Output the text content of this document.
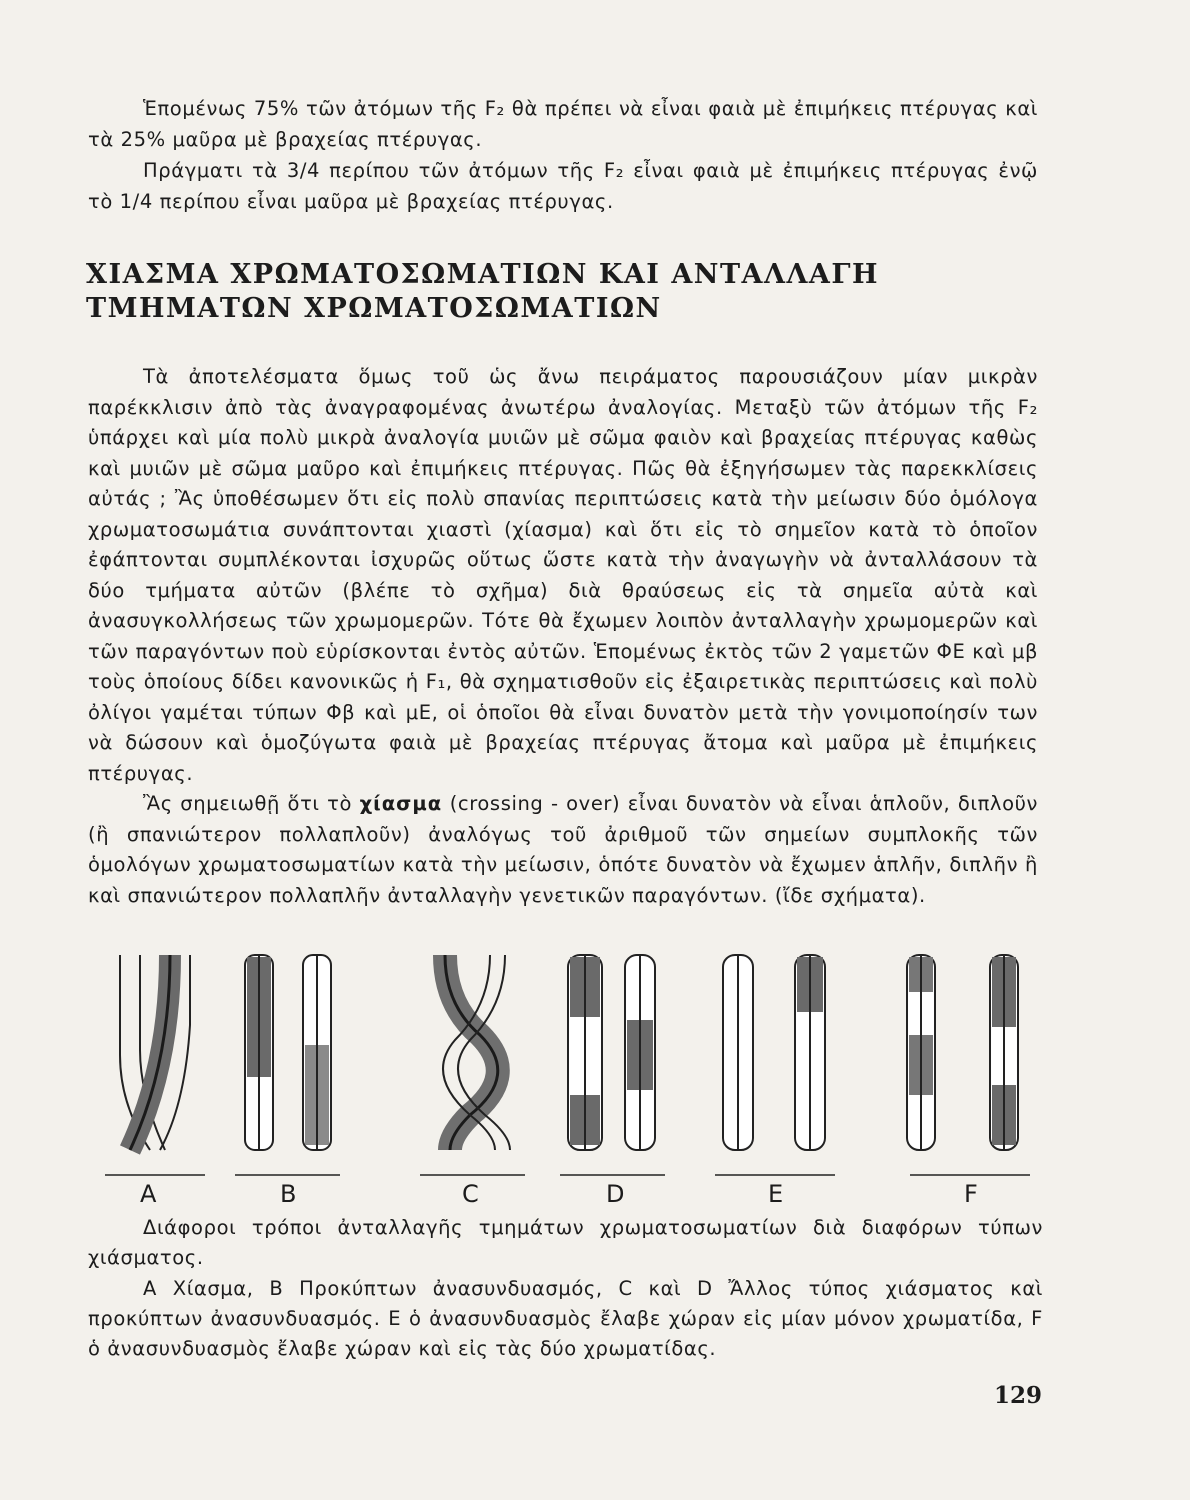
Ἑπομένως 75% τῶν ἀτόμων τῆς F₂ θὰ πρέπει νὰ εἶναι φαιὰ μὲ ἐπιμήκεις πτέρυγας καὶ τὰ 25% μαῦρα μὲ βραχείας πτέρυγας.

Πράγματι τὰ 3/4 περίπου τῶν ἀτόμων τῆς F₂ εἶναι φαιὰ μὲ ἐπιμήκεις πτέρυγας ἐνῷ τὸ 1/4 περίπου εἶναι μαῦρα μὲ βραχείας πτέρυγας.

ΧΙΑΣΜΑ ΧΡΩΜΑΤΟΣΩΜΑΤΙΩΝ ΚΑΙ ΑΝΤΑΛΛΑΓΗ
ΤΜΗΜΑΤΩΝ ΧΡΩΜΑΤΟΣΩΜΑΤΙΩΝ

Τὰ ἀποτελέσματα ὅμως τοῦ ὡς ἄνω πειράματος παρουσιάζουν μίαν μικρὰν παρέκκλισιν ἀπὸ τὰς ἀναγραφομένας ἀνωτέρω ἀναλογίας. Μεταξὺ τῶν ἀτόμων τῆς F₂ ὑπάρχει καὶ μία πολὺ μικρὰ ἀναλογία μυιῶν μὲ σῶμα φαιὸν καὶ βραχείας πτέρυγας καθὼς καὶ μυιῶν μὲ σῶμα μαῦρο καὶ ἐπιμήκεις πτέρυγας. Πῶς θὰ ἐξηγήσωμεν τὰς παρεκκλίσεις αὐτάς ; Ἂς ὑποθέσωμεν ὅτι εἰς πολὺ σπανίας περιπτώσεις κατὰ τὴν μείωσιν δύο ὁμόλογα χρωματοσωμάτια συνάπτονται χιαστὶ (χίασμα) καὶ ὅτι εἰς τὸ σημεῖον κατὰ τὸ ὁποῖον ἐφάπτονται συμπλέκονται ἰσχυρῶς οὕτως ὥστε κατὰ τὴν ἀναγωγὴν νὰ ἀνταλλάσουν τὰ δύο τμήματα αὐτῶν (βλέπε τὸ σχῆμα) διὰ θραύσεως εἰς τὰ σημεῖα αὐτὰ καὶ ἀνασυγκολλήσεως τῶν χρωμομερῶν. Τότε θὰ ἔχωμεν λοιπὸν ἀνταλλαγὴν χρωμομερῶν καὶ τῶν παραγόντων ποὺ εὑρίσκονται ἐντὸς αὐτῶν. Ἑπομένως ἐκτὸς τῶν 2 γαμετῶν ΦΕ καὶ μβ τοὺς ὁποίους δίδει κανονικῶς ἡ F₁, θὰ σχηματισθοῦν εἰς ἐξαιρετικὰς περιπτώσεις καὶ πολὺ ὀλίγοι γαμέται τύπων Φβ καὶ μΕ, οἱ ὁποῖοι θὰ εἶναι δυνατὸν μετὰ τὴν γονιμοποίησίν των νὰ δώσουν καὶ ὁμοζύγωτα φαιὰ μὲ βραχείας πτέρυγας ἄτομα καὶ μαῦρα μὲ ἐπιμήκεις πτέρυγας.

Ἂς σημειωθῇ ὅτι τὸ χίασμα (crossing - over) εἶναι δυνατὸν νὰ εἶναι ἁπλοῦν, διπλοῦν (ἢ σπανιώτερον πολλαπλοῦν) ἀναλόγως τοῦ ἀριθμοῦ τῶν σημείων συμπλοκῆς τῶν ὁμολόγων χρωματοσωματίων κατὰ τὴν μείωσιν, ὁπότε δυνατὸν νὰ ἔχωμεν ἁπλῆν, διπλῆν ἢ καὶ σπανιώτερον πολλαπλῆν ἀνταλλαγὴν γενετικῶν παραγόντων. (ἴδε σχήματα).

A	B	C	D	E	F

Διάφοροι τρόποι ἀνταλλαγῆς τμημάτων χρωματοσωματίων διὰ διαφόρων τύπων χιάσματος.

A Χίασμα, B Προκύπτων ἀνασυνδυασμός, C καὶ D Ἄλλος τύπος χιάσματος καὶ προκύπτων ἀνασυνδυασμός. E ὁ ἀνασυνδυασμὸς ἔλαβε χώραν εἰς μίαν μόνον χρωματίδα, F ὁ ἀνασυνδυασμὸς ἔλαβε χώραν καὶ εἰς τὰς δύο χρωματίδας.

129
